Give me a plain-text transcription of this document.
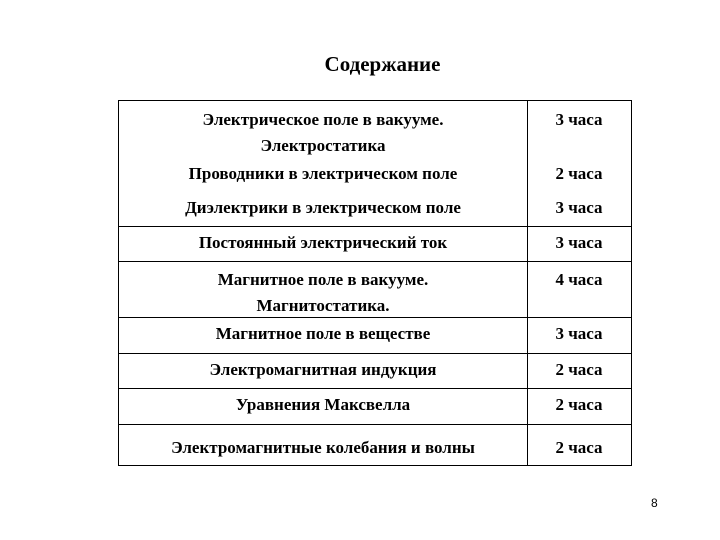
Содержание
Электрическое поле в вакууме.
Электростатика
Проводники в электрическом поле
Диэлектрики в электрическом поле
Постоянный электрический ток
Магнитное поле в вакууме.
Магнитостатика.
Магнитное поле в веществе
Электромагнитная индукция
Уравнения Максвелла
Электромагнитные колебания и волны
3 часа
2 часа
3 часа
3 часа
4 часа
3 часа
2 часа
2 часа
2 часа
8
